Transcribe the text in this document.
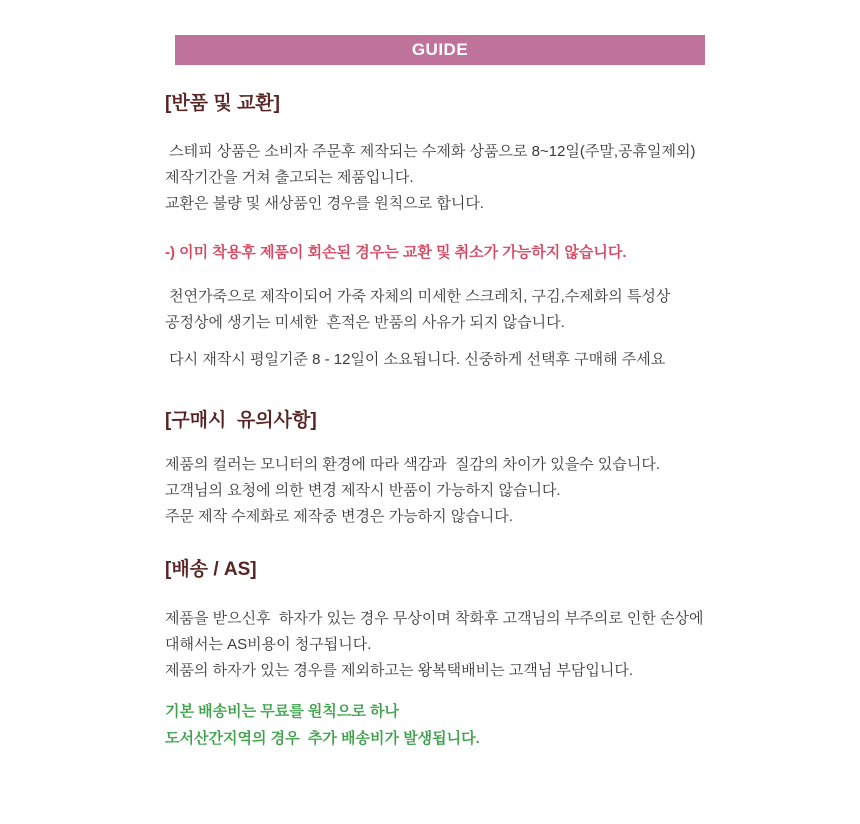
GUIDE
[반품 및 교환]
스테피 상품은 소비자 주문후 제작되는 수제화 상품으로 8~12일(주말,공휴일제외)
제작기간을 거쳐 출고되는 제품입니다.
교환은 불량 및 새상품인 경우를 원칙으로 합니다.
-) 이미 착용후 제품이 회손된 경우는 교환 및 취소가 가능하지 않습니다.
천연가죽으로 제작이되어 가죽 자체의 미세한 스크레치, 구김,수제화의 특성상
공정상에 생기는 미세한  흔적은 반품의 사유가 되지 않습니다.
다시 재작시 평일기준 8 - 12일이 소요됩니다. 신중하게 선택후 구매해 주세요
[구매시  유의사항]
제품의 컬러는 모니터의 환경에 따라 색감과  질감의 차이가 있을수 있습니다.
고객님의 요청에 의한 변경 제작시 반품이 가능하지 않습니다.
주문 제작 수제화로 제작중 변경은 가능하지 않습니다.
[배송 / AS]
제품을 받으신후  하자가 있는 경우 무상이며 착화후 고객님의 부주의로 인한 손상에
대해서는 AS비용이 청구됩니다.
제품의 하자가 있는 경우를 제외하고는 왕복택배비는 고객님 부담입니다.
기본 배송비는 무료를 원칙으로 하나
도서산간지역의 경우  추가 배송비가 발생됩니다.
